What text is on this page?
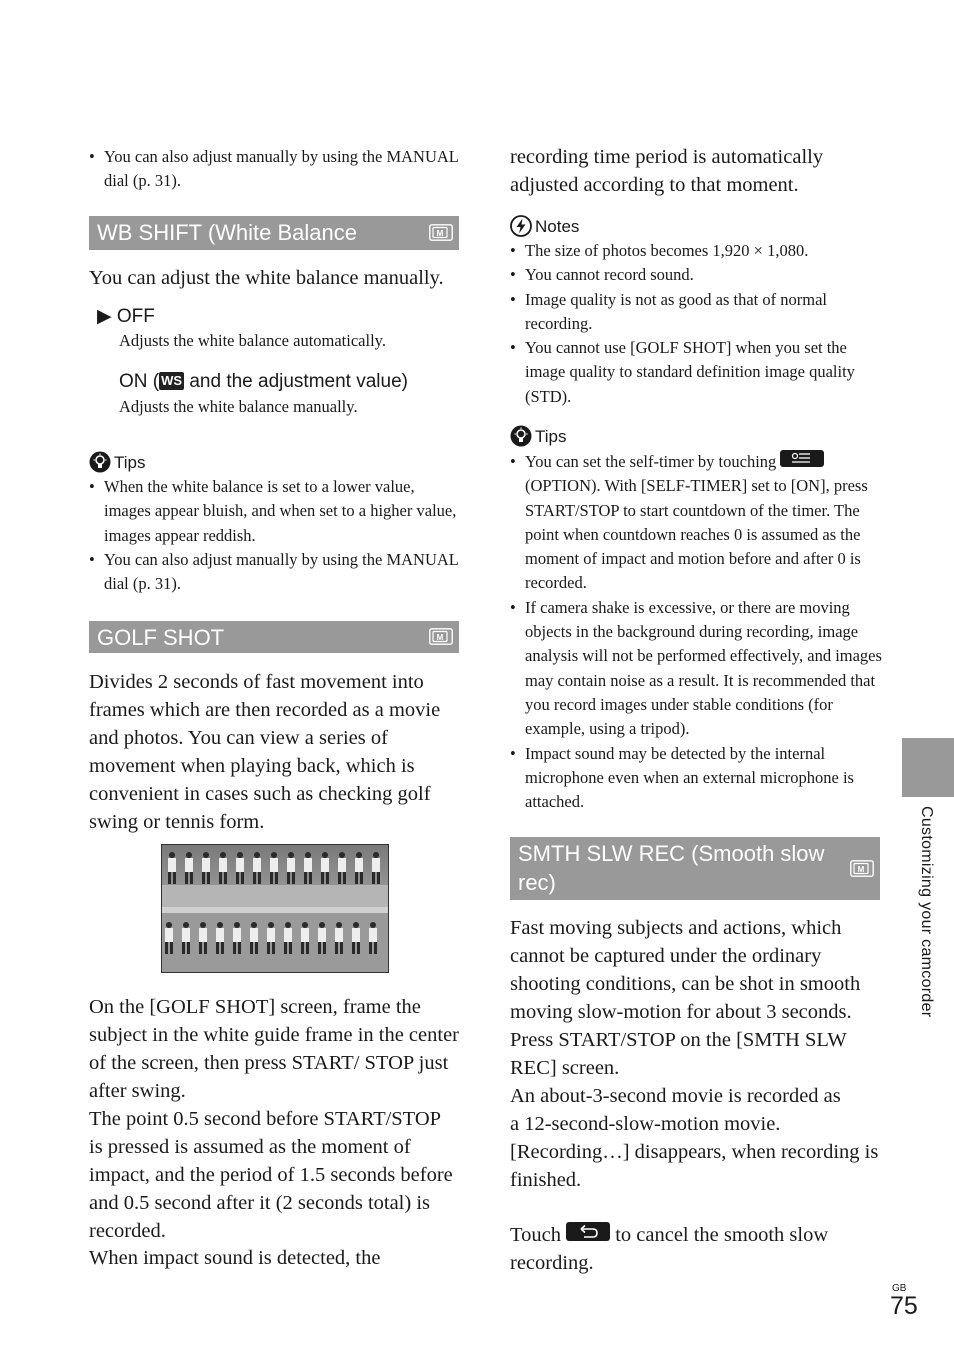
• You can also adjust manually by using the MANUAL dial (p. 31).
WB SHIFT (White Balance Shift)
M
You can adjust the white balance manually.
▶ OFF
Adjusts the white balance automatically.
ON ( WS and the adjustment value)
Adjusts the white balance manually.
Tips
• When the white balance is set to a lower value, images appear bluish, and when set to a higher value, images appear reddish.
• You can also adjust manually by using the MANUAL dial (p. 31).
GOLF SHOT	M
Divides 2 seconds of fast movement into frames which are then recorded as a movie and photos. You can view a series of movement when playing back, which is convenient in cases such as checking golf swing or tennis form.
On the [GOLF SHOT] screen, frame the subject in the white guide frame in the center of the screen, then press START/ STOP just after swing.
The point 0.5 second before START/STOP is pressed is assumed as the moment of impact, and the period of 1.5 seconds before and 0.5 second after it (2 seconds total) is recorded.
When impact sound is detected, the
recording time period is automatically adjusted according to that moment.
Notes
• The size of photos becomes 1,920 × 1,080.
• You cannot record sound.
• Image quality is not as good as that of normal recording.
• You cannot use [GOLF SHOT] when you set the image quality to standard definition image quality (STD).
Tips
• You can set the self-timer by touching
(OPTION). With [SELF-TIMER] set to [ON], press START/STOP to start countdown of the timer. The point when countdown reaches 0 is assumed as the moment of impact and motion before and after 0 is recorded.
• If camera shake is excessive, or there are moving objects in the background during recording, image analysis will not be performed effectively, and images may contain noise as a result. It is recommended that you record images under stable conditions (for example, using a tripod).
• Impact sound may be detected by the internal microphone even when an external microphone is attached.
SMTH SLW REC (Smooth slow rec)
M
Fast moving subjects and actions, which cannot be captured under the ordinary shooting conditions, can be shot in smooth moving slow-motion for about 3 seconds.
Press START/STOP on the [SMTH SLW REC] screen.
An about-3-second movie is recorded as a 12-second-slow-motion movie.
[Recording…] disappears, when recording is finished.
Touch	to cancel the smooth slow recording.
Customizing your camcorder
GB
75
